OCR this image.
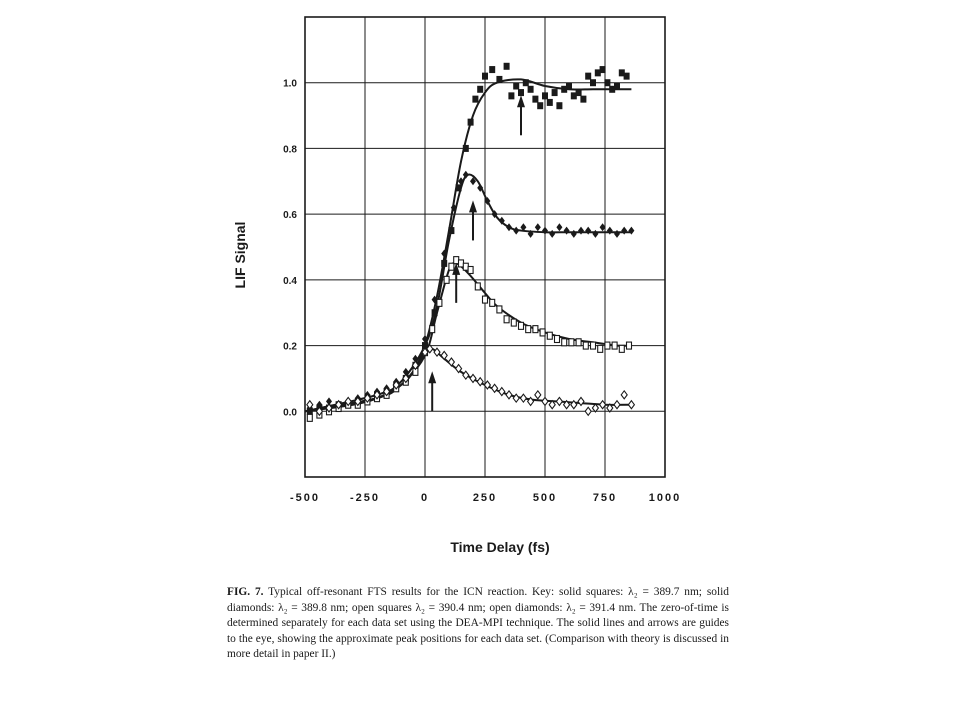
-500	-250	0	250	500	750	1000
0.0
0.2
0.4
0.6
0.8
1.0
Time Delay (fs)
LIF Signal

FIG. 7. Typical off-resonant FTS results for the ICN reaction. Key: solid squares: λ₂ = 389.7 nm; solid diamonds: λ₂ = 389.8 nm; open squares λ₂ = 390.4 nm; open diamonds: λ₂ = 391.4 nm. The zero-of-time is determined separately for each data set using the DEA-MPI technique. The solid lines and arrows are guides to the eye, showing the approximate peak positions for each data set. (Comparison with theory is discussed in more detail in paper II.)
